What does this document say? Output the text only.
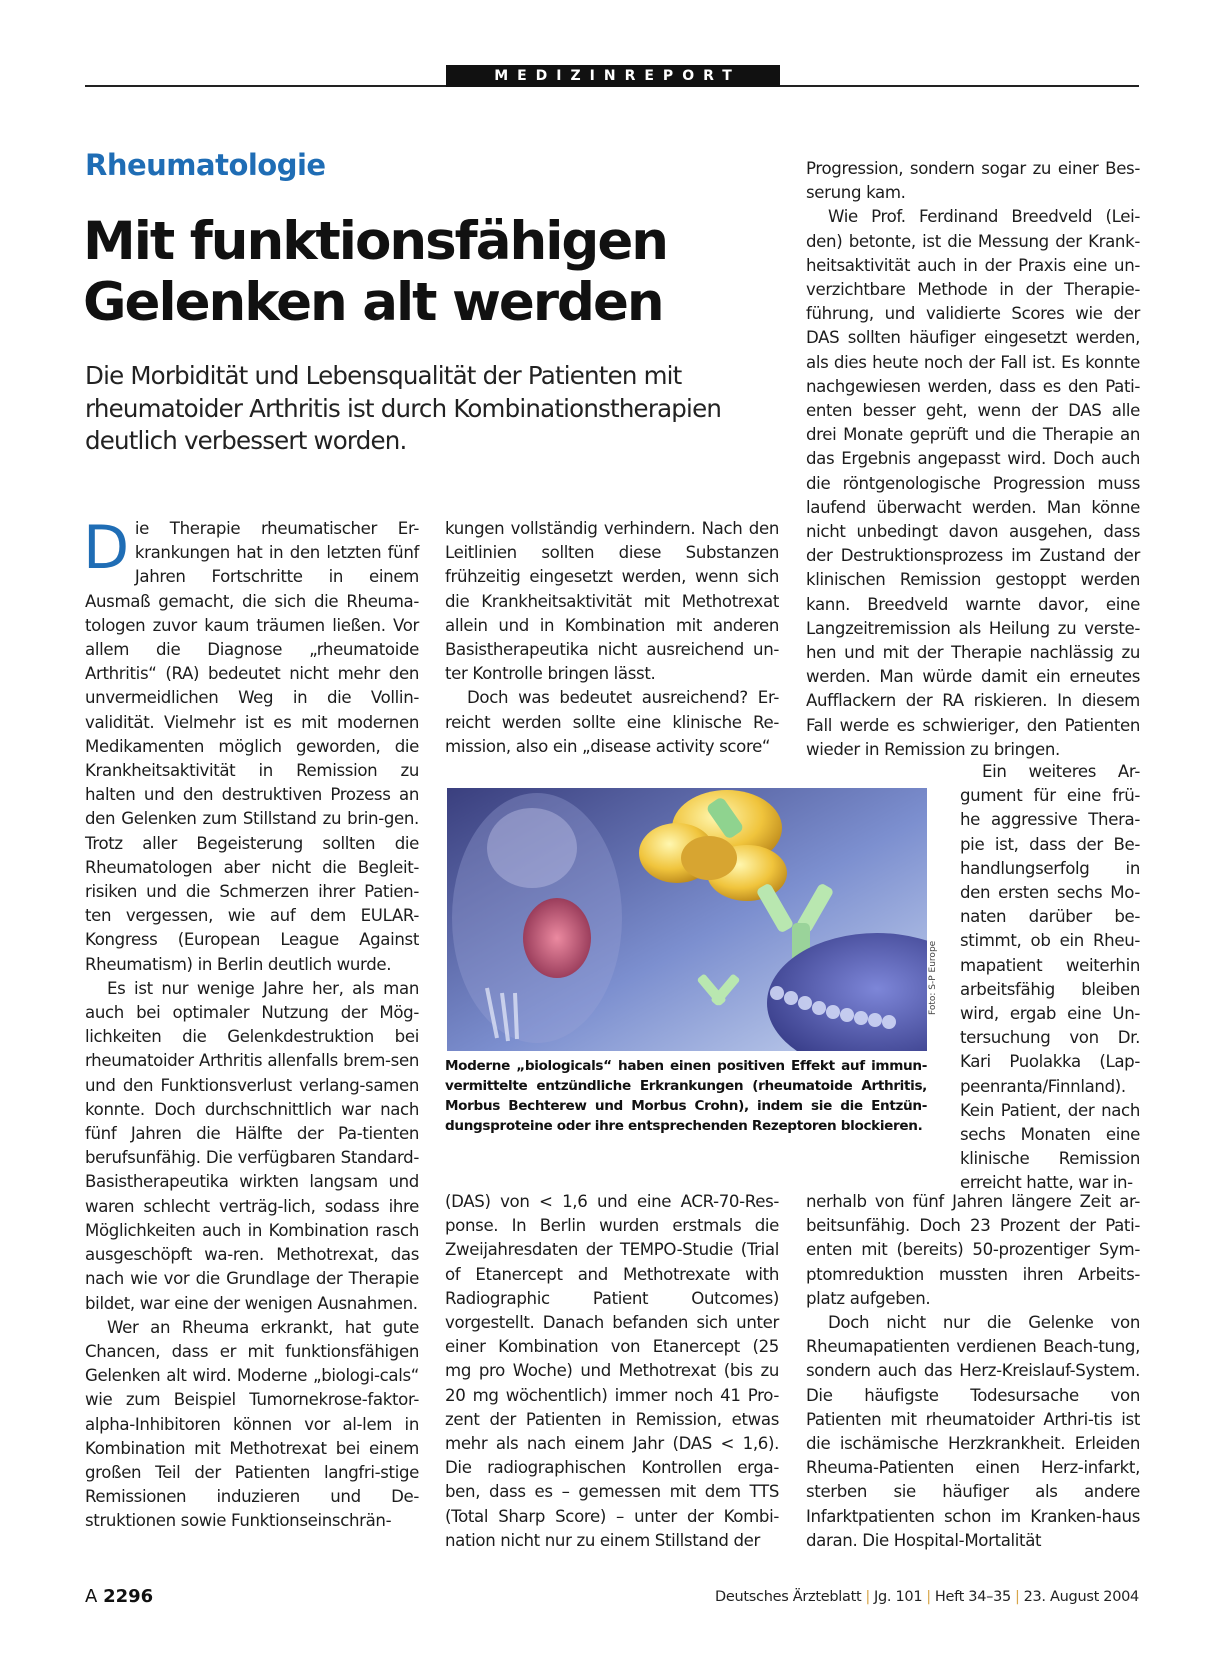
MEDIZINREPORT
Rheumatologie
Mit funktionsfähigen Gelenken alt werden

Die Morbidität und Lebensqualität der Patienten mit rheumatoider Arthritis ist durch Kombinationstherapien deutlich verbessert worden.

Die Therapie rheumatischer Er-krankungen hat in den letzten fünf Jahren Fortschritte in einem Ausmaß gemacht, die sich die Rheuma-tologen zuvor kaum träumen ließen. Vor allem die Diagnose „rheumatoide Arthritis“ (RA) bedeutet nicht mehr den unvermeidlichen Weg in die Vollin-validität. Vielmehr ist es mit modernen Medikamenten möglich geworden, die Krankheitsaktivität in Remission zu halten und den destruktiven Prozess an den Gelenken zum Stillstand zu brin-gen. Trotz aller Begeisterung sollten die Rheumatologen aber nicht die Begleit-risiken und die Schmerzen ihrer Patien-ten vergessen, wie auf dem EULAR-Kongress (European League Against Rheumatism) in Berlin deutlich wurde.

Es ist nur wenige Jahre her, als man auch bei optimaler Nutzung der Mög-lichkeiten die Gelenkdestruktion bei rheumatoider Arthritis allenfalls brem-sen und den Funktionsverlust verlang-samen konnte. Doch durchschnittlich war nach fünf Jahren die Hälfte der Pa-tienten berufsunfähig. Die verfügbaren Standard-Basistherapeutika wirkten langsam und waren schlecht verträg-lich, sodass ihre Möglichkeiten auch in Kombination rasch ausgeschöpft wa-ren. Methotrexat, das nach wie vor die Grundlage der Therapie bildet, war eine der wenigen Ausnahmen.

Wer an Rheuma erkrankt, hat gute Chancen, dass er mit funktionsfähigen Gelenken alt wird. Moderne „biologi-cals“ wie zum Beispiel Tumornekrose-faktor-alpha-Inhibitoren können vor al-lem in Kombination mit Methotrexat bei einem großen Teil der Patienten langfri-stige Remissionen induzieren und De-struktionen sowie Funktionseinschrän-

kungen vollständig verhindern. Nach den Leitlinien sollten diese Substanzen frühzeitig eingesetzt werden, wenn sich die Krankheitsaktivität mit Methotrexat allein und in Kombination mit anderen Basistherapeutika nicht ausreichend un-ter Kontrolle bringen lässt.

Doch was bedeutet ausreichend? Er-reicht werden sollte eine klinische Re-mission, also ein „disease activity score“

Foto: S-P Europe

Moderne „biologicals“ haben einen positiven Effekt auf immun-vermittelte entzündliche Erkrankungen (rheumatoide Arthritis, Morbus Bechterew und Morbus Crohn), indem sie die Entzün-dungsproteine oder ihre entsprechenden Rezeptoren blockieren.

(DAS) von < 1,6 und eine ACR-70-Res-ponse. In Berlin wurden erstmals die Zweijahresdaten der TEMPO-Studie (Trial of Etanercept and Methotrexate with Radiographic Patient Outcomes) vorgestellt. Danach befanden sich unter einer Kombination von Etanercept (25 mg pro Woche) und Methotrexat (bis zu 20 mg wöchentlich) immer noch 41 Pro-zent der Patienten in Remission, etwas mehr als nach einem Jahr (DAS < 1,6). Die radiographischen Kontrollen erga-ben, dass es – gemessen mit dem TTS (Total Sharp Score) – unter der Kombi-nation nicht nur zu einem Stillstand der

Progression, sondern sogar zu einer Bes-serung kam.

Wie Prof. Ferdinand Breedveld (Lei-den) betonte, ist die Messung der Krank-heitsaktivität auch in der Praxis eine un-verzichtbare Methode in der Therapie-führung, und validierte Scores wie der DAS sollten häufiger eingesetzt werden, als dies heute noch der Fall ist. Es konnte nachgewiesen werden, dass es den Pati-enten besser geht, wenn der DAS alle drei Monate geprüft und die Therapie an das Ergebnis angepasst wird. Doch auch die röntgenologische Progression muss laufend überwacht werden. Man könne nicht unbedingt davon ausgehen, dass der Destruktionsprozess im Zustand der klinischen Remission gestoppt werden kann. Breedveld warnte davor, eine Langzeitremission als Heilung zu verste-hen und mit der Therapie nachlässig zu werden. Man würde damit ein erneutes Aufflackern der RA riskieren. In diesem Fall werde es schwieriger, den Patienten wieder in Remission zu bringen.

Ein weiteres Ar-gument für eine frü-he aggressive Thera-pie ist, dass der Be-handlungserfolg in den ersten sechs Mo-naten darüber be-stimmt, ob ein Rheu-mapatient weiterhin arbeitsfähig bleiben wird, ergab eine Un-tersuchung von Dr. Kari Puolakka (Lap-peenranta/Finnland). Kein Patient, der nach sechs Monaten eine klinische Remission erreicht hatte, war in-

nerhalb von fünf Jahren längere Zeit ar-beitsunfähig. Doch 23 Prozent der Pati-enten mit (bereits) 50-prozentiger Sym-ptomreduktion mussten ihren Arbeits-platz aufgeben.

Doch nicht nur die Gelenke von Rheumapatienten verdienen Beach-tung, sondern auch das Herz-Kreislauf-System. Die häufigste Todesursache von Patienten mit rheumatoider Arthri-tis ist die ischämische Herzkrankheit. Erleiden Rheuma-Patienten einen Herz-infarkt, sterben sie häufiger als andere Infarktpatienten schon im Kranken-haus daran. Die Hospital-Mortalität

A 2296	Deutsches Ärzteblatt | Jg. 101 | Heft 34–35 | 23. August 2004
